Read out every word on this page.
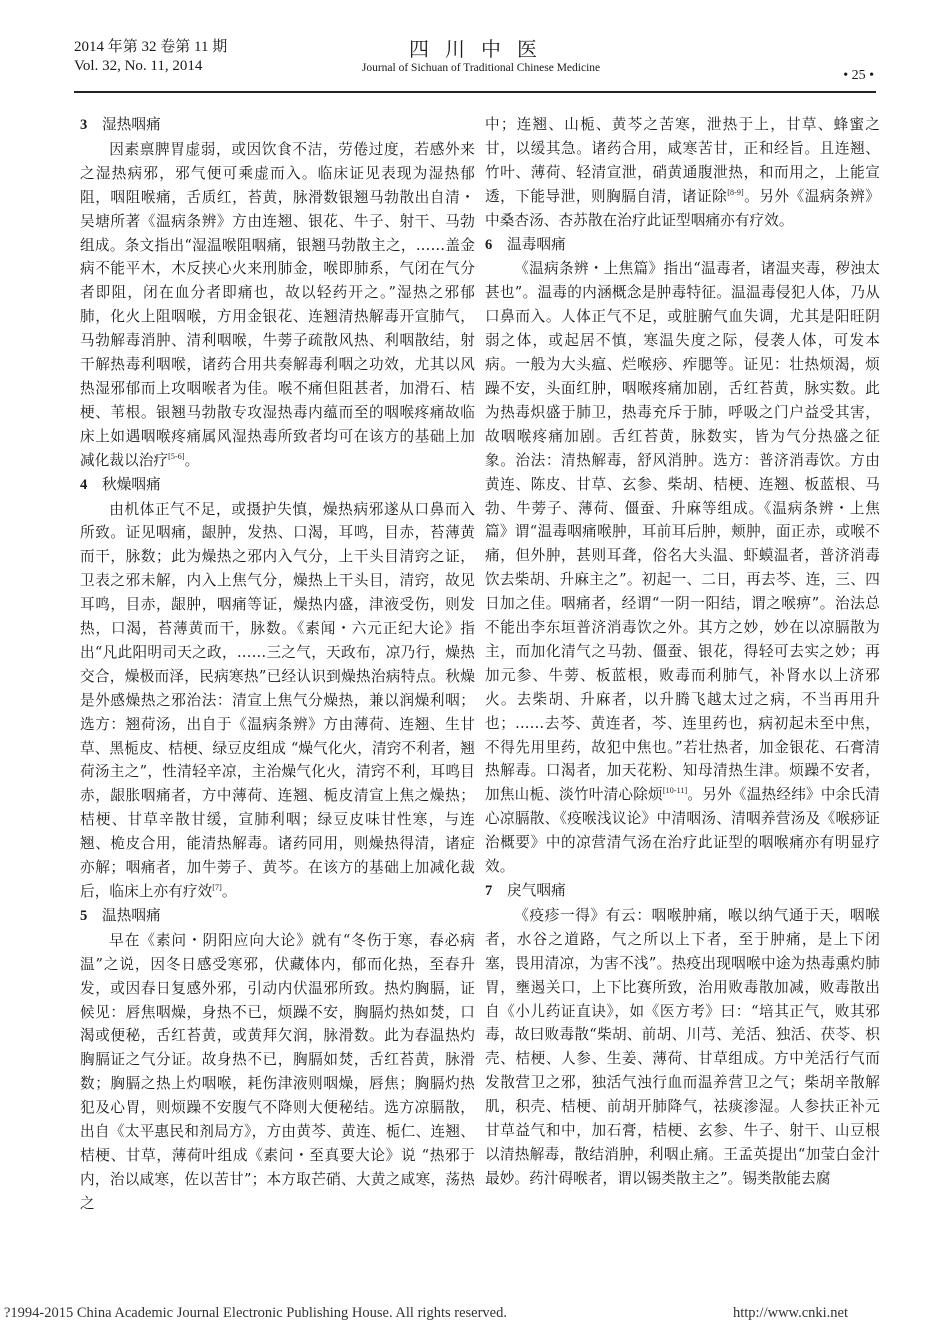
2014 年第 32 卷第 11 期
Vol. 32, No. 11, 2014
四川中医
Journal of Sichuan of Traditional Chinese Medicine	• 25 •
3 湿热咽痛

因素禀脾胃虚弱，或因饮食不洁，劳倦过度，若感外来之湿热病邪，邪气便可乘虚而入。临床证见表现为湿热郁阻，咽阻喉痛，舌质红，苔黄，脉滑数银翘马勃散出自清・吴塘所著《温病条辨》方由连翘、银花、牛子、射干、马勃组成。条文指出“湿温喉阻咽痛，银翘马勃散主之，……盖金病不能平木，木反挟心火来刑肺金，喉即肺系，气闭在气分者即阻，闭在血分者即痛也，故以轻药开之。”湿热之邪郁肺，化火上阻咽喉，方用金银花、连翘清热解毒开宣肺气，马勃解毒消肿、清利咽喉，牛蒡子疏散风热、利咽散结，射干解热毒利咽喉，诸药合用共奏解毒利咽之功效，尤其以风热湿邪郁而上攻咽喉者为佳。喉不痛但阻甚者，加滑石、桔梗、苇根。银翘马勃散专攻湿热毒内蕴而至的咽喉疼痛故临床上如遇咽喉疼痛属风湿热毒所致者均可在该方的基础上加减化裁以治疗[5-6]。

4 秋燥咽痛

由机体正气不足，或摄护失慎，燥热病邪遂从口鼻而入所致。证见咽痛，龈肿，发热、口渴，耳鸣，目赤，苔薄黄而干，脉数；此为燥热之邪内入气分，上干头目清窍之证，卫表之邪未解，内入上焦气分，燥热上干头目，清窍，故见耳鸣，目赤，龈肿，咽痛等证，燥热内盛，津液受伤，则发热，口渴，苔薄黄而干，脉数。《素闻・六元正纪大论》指出“凡此阳明司天之政，……三之气，天政布，凉乃行，燥热交合，燥极而泽，民病寒热”已经认识到燥热治病特点。秋燥是外感燥热之邪治法：清宣上焦气分燥热，兼以润燥利咽；选方：翘荷汤，出自于《温病条辨》方由薄荷、连翘、生甘草、黑栀皮、桔梗、绿豆皮组成 “燥气化火，清窍不利者，翘荷汤主之”，性清轻辛凉，主治燥气化火，清窍不利，耳鸣目赤，龈胀咽痛者，方中薄荷、连翘、栀皮清宣上焦之燥热；桔梗、甘草辛散甘缓，宣肺利咽；绿豆皮味甘性寒，与连翘、桅皮合用，能清热解毒。诸药同用，则燥热得清，诸症亦解；咽痛者，加牛蒡子、黄芩。在该方的基础上加减化裁后，临床上亦有疗效[7]。

5 温热咽痛

早在《素问・阴阳应向大论》就有“冬伤于寒，春必病温”之说，因冬日感受寒邪，伏藏体内，郁而化热，至春升发，或因春日复感外邪，引动内伏温邪所致。热灼胸膈，证候见：唇焦咽燥，身热不已，烦躁不安，胸膈灼热如焚，口渴或便秘，舌红苔黄，或黄拜欠润，脉滑数。此为春温热灼胸膈证之气分证。故身热不已，胸膈如焚，舌红苔黄，脉滑数；胸膈之热上灼咽喉，耗伤津液则咽燥，唇焦；胸膈灼热犯及心胃，则烦躁不安腹气不降则大便秘结。选方凉膈散，出自《太平惠民和剂局方》，方由黄芩、黄连、栀仁、连翘、桔梗、甘草，薄荷叶组成《素问・至真要大论》说 “热邪于内，治以咸寒，佐以苦甘”；本方取芒硝、大黄之咸寒，荡热之

中；连翘、山栀、黄芩之苦寒，泄热于上，甘草、蜂蜜之甘，以缓其急。诸药合用，咸寒苦甘，正和经旨。且连翘、竹叶、薄荷、轻清宣泄，硝黄通腹泄热，和而用之，上能宣透，下能导泄，则胸膈自清，诸证除[8-9]。另外《温病条辨》中桑杏汤、杏苏散在治疗此证型咽痛亦有疗效。

6 温毒咽痛

《温病条辨・上焦篇》指出“温毒者，诸温夹毒，秽浊太甚也”。温毒的内涵概念是肿毒特征。温温毒侵犯人体，乃从口鼻而入。人体正气不足，或脏腑气血失调，尤其是阳旺阴弱之体，或起居不慎，寒温失度之际，侵袭人体，可发本病。一般为大头瘟、烂喉痧、痄腮等。证见：壮热烦渴，烦躁不安，头面红肿，咽喉疼痛加剧，舌红苔黄，脉实数。此为热毒炽盛于肺卫，热毒充斥于肺，呼吸之门户益受其害，故咽喉疼痛加剧。舌红苔黄，脉数实，皆为气分热盛之征象。治法：清热解毒，舒风消肿。选方：普济消毒饮。方由黄连、陈皮、甘草、玄参、柴胡、桔梗、连翘、板蓝根、马勃、牛蒡子、薄荷、僵蚕、升麻等组成。《温病条辨・上焦篇》谓“温毒咽痛喉肿，耳前耳后肿，颊肿，面正赤，或喉不痛，但外肿，甚则耳聋，俗名大头温、虾蟆温者，普济消毒饮去柴胡、升麻主之”。初起一、二日，再去芩、连，三、四日加之佳。咽痛者，经谓“一阴一阳结，谓之喉痹”。治法总不能出李东垣普济消毒饮之外。其方之妙，妙在以凉膈散为主，而加化清气之马勃、僵蚕、银花，得轻可去实之妙；再加元参、牛蒡、板蓝根，败毒而利肺气，补肾水以上济邪火。去柴胡、升麻者，以升腾飞越太过之病，不当再用升也；……去芩、黄连者，芩、连里药也，病初起未至中焦，不得先用里药，故犯中焦也。”若壮热者，加金银花、石膏清热解毒。口渴者，加天花粉、知母清热生津。烦躁不安者，加焦山栀、淡竹叶清心除烦[10-11]。另外《温热经纬》中余氏清心凉膈散、《疫喉浅议论》中清咽汤、清咽养营汤及《喉痧证治概要》中的凉营清气汤在治疗此证型的咽喉痛亦有明显疗效。

7 戾气咽痛

《疫疹一得》有云：咽喉肿痛，喉以纳气通于天，咽喉者，水谷之道路，气之所以上下者，至于肿痛，是上下闭塞，畏用清凉，为害不浅”。热疫出现咽喉中途为热毒熏灼肺胃，壅遏关口，上下比赛所致，治用败毒散加减，败毒散出自《小儿药证直诀》，如《医方考》曰：“培其正气，败其邪毒，故曰败毒散“柴胡、前胡、川芎、羌活、独活、茯苓、枳壳、桔梗、人参、生姜、薄荷、甘草组成。方中羌活行气而发散营卫之邪，独活气浊行血而温养营卫之气；柴胡辛散解肌，积壳、桔梗、前胡开肺降气，祛痰渗湿。人参扶正补元甘草益气和中，加石膏，桔梗、玄参、牛子、射干、山豆根以清热解毒，散结消肿，利咽止痛。王孟英提出“加莹白金汁最妙。药汁碍喉者，谓以锡类散主之”。锡类散能去腐

?1994-2015 China Academic Journal Electronic Publishing House. All rights reserved.	http://www.cnki.net
